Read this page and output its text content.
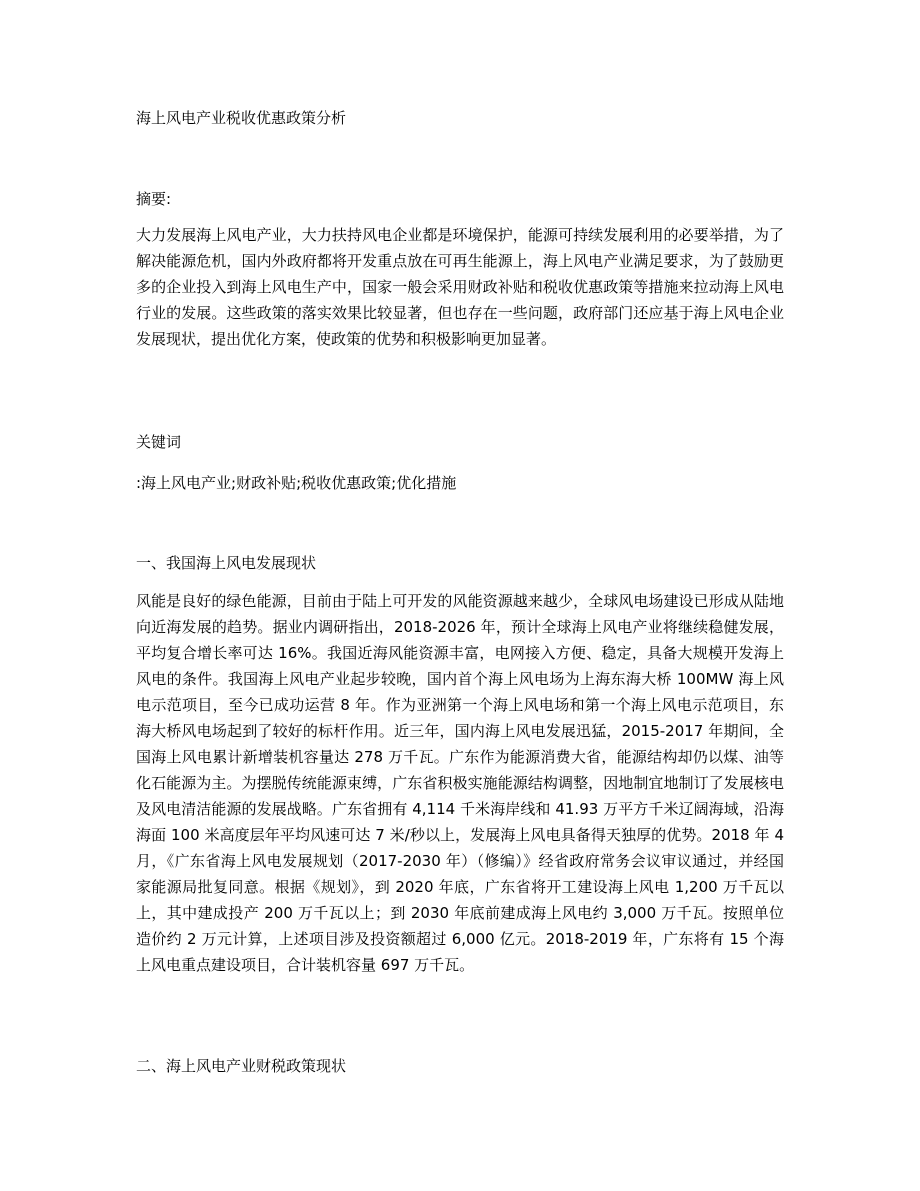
海上风电产业税收优惠政策分析

摘要:

大力发展海上风电产业，大力扶持风电企业都是环境保护，能源可持续发展利用的必要举措，为了解决能源危机，国内外政府都将开发重点放在可再生能源上，海上风电产业满足要求，为了鼓励更多的企业投入到海上风电生产中，国家一般会采用财政补贴和税收优惠政策等措施来拉动海上风电行业的发展。这些政策的落实效果比较显著，但也存在一些问题，政府部门还应基于海上风电企业发展现状，提出优化方案，使政策的优势和积极影响更加显著。

关键词

:海上风电产业;财政补贴;税收优惠政策;优化措施

一、我国海上风电发展现状

风能是良好的绿色能源，目前由于陆上可开发的风能资源越来越少，全球风电场建设已形成从陆地向近海发展的趋势。据业内调研指出，2018-2026 年，预计全球海上风电产业将继续稳健发展，平均复合增长率可达 16%。我国近海风能资源丰富，电网接入方便、稳定，具备大规模开发海上风电的条件。我国海上风电产业起步较晚，国内首个海上风电场为上海东海大桥 100MW 海上风电示范项目，至今已成功运营 8 年。作为亚洲第一个海上风电场和第一个海上风电示范项目，东海大桥风电场起到了较好的标杆作用。近三年，国内海上风电发展迅猛，2015-2017 年期间，全国海上风电累计新增装机容量达 278 万千瓦。广东作为能源消费大省，能源结构却仍以煤、油等化石能源为主。为摆脱传统能源束缚，广东省积极实施能源结构调整，因地制宜地制订了发展核电及风电清洁能源的发展战略。广东省拥有 4,114 千米海岸线和 41.93 万平方千米辽阔海域，沿海海面 100 米高度层年平均风速可达 7 米/秒以上，发展海上风电具备得天独厚的优势。2018 年 4 月，《广东省海上风电发展规划（2017-2030 年）（修编）》经省政府常务会议审议通过，并经国家能源局批复同意。根据《规划》，到 2020 年底，广东省将开工建设海上风电 1,200 万千瓦以上，其中建成投产 200 万千瓦以上；到 2030 年底前建成海上风电约 3,000 万千瓦。按照单位造价约 2 万元计算，上述项目涉及投资额超过 6,000 亿元。2018-2019 年，广东将有 15 个海上风电重点建设项目，合计装机容量 697 万千瓦。

二、海上风电产业财税政策现状
